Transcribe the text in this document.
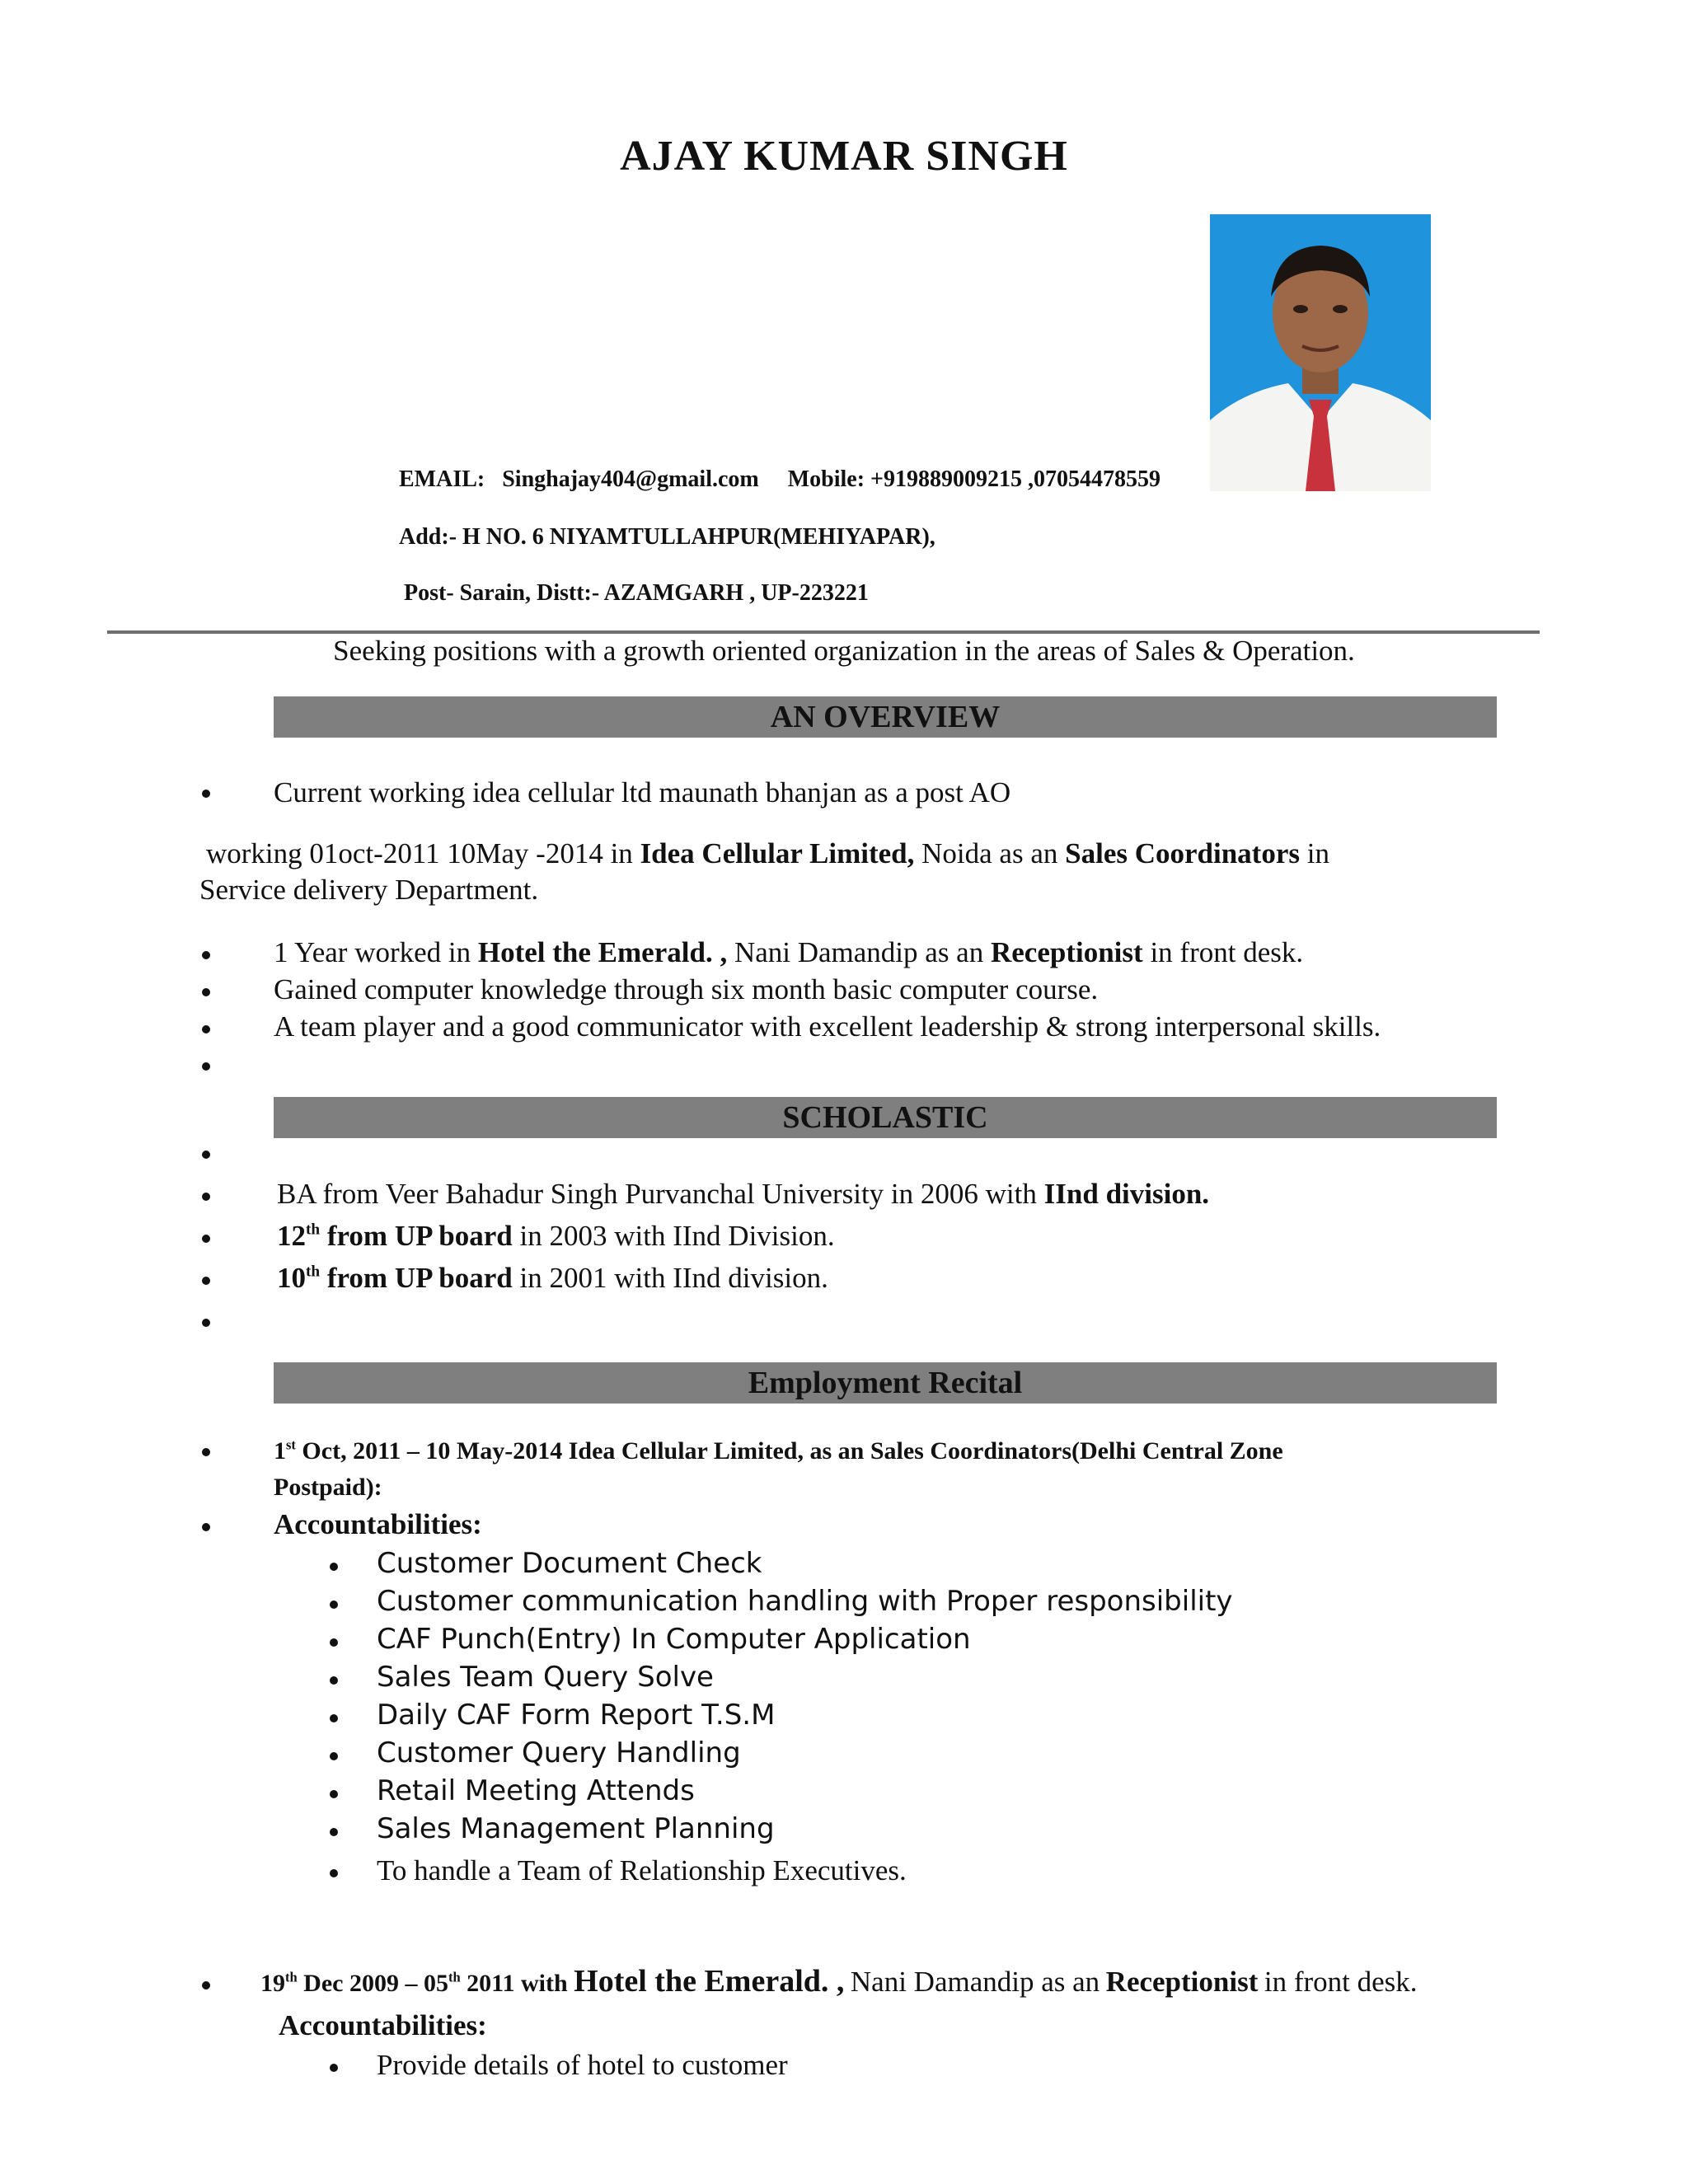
AJAY KUMAR SINGH
EMAIL: Singhajay404@gmail.com Mobile: +919889009215 ,07054478559
Add:- H NO. 6 NIYAMTULLAHPUR(MEHIYAPAR),
Post- Sarain, Distt:- AZAMGARH , UP-223221
Seeking positions with a growth oriented organization in the areas of Sales & Operation.
AN OVERVIEW
Current working idea cellular ltd maunath bhanjan as a post AO
working 01oct-2011 10May -2014 in Idea Cellular Limited, Noida as an Sales Coordinators in
Service delivery Department.
1 Year worked in Hotel the Emerald. , Nani Damandip as an Receptionist in front desk.
Gained computer knowledge through six month basic computer course.
A team player and a good communicator with excellent leadership & strong interpersonal skills.
SCHOLASTIC
BA from Veer Bahadur Singh Purvanchal University in 2006 with IInd division.
12th from UP board in 2003 with IInd Division.
10th from UP board in 2001 with IInd division.
Employment Recital
1st Oct, 2011 – 10 May-2014 Idea Cellular Limited, as an Sales Coordinators(Delhi Central Zone
Postpaid):
Accountabilities:
Customer Document Check
Customer communication handling with Proper responsibility
CAF Punch(Entry) In Computer Application
Sales Team Query Solve
Daily CAF Form Report T.S.M
Customer Query Handling
Retail Meeting Attends
Sales Management Planning
To handle a Team of Relationship Executives.
19th Dec 2009 – 05th 2011 with Hotel the Emerald. , Nani Damandip as an Receptionist in front desk.
Accountabilities:
Provide details of hotel to customer
